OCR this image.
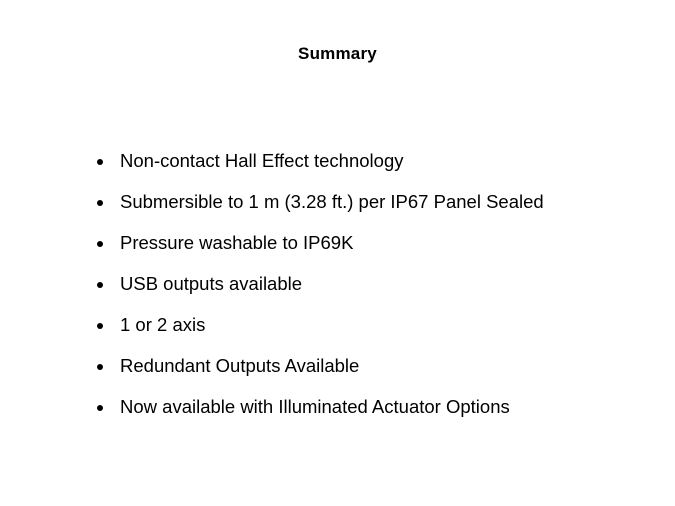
Summary
Non-contact Hall Effect technology
Submersible to 1 m (3.28 ft.) per IP67 Panel Sealed
Pressure washable to IP69K
USB outputs available
1 or 2 axis
Redundant Outputs Available
Now available with Illuminated Actuator Options
